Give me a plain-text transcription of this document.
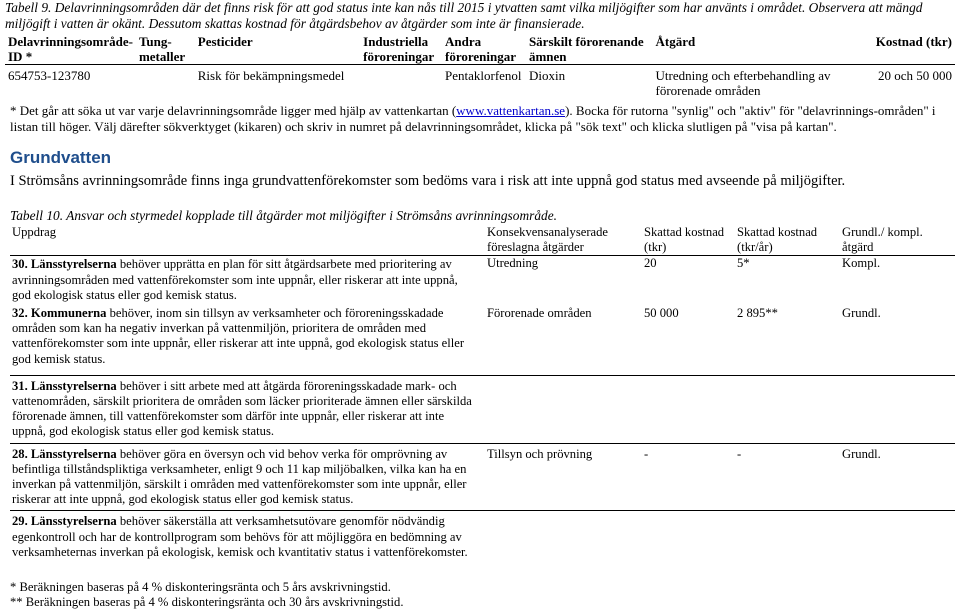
Tabell 9. Delavrinningsområden där det finns risk för att god status inte kan nås till 2015 i ytvatten samt vilka miljögifter som har använts i området. Observera att mängd miljögift i vatten är okänt. Dessutom skattas kostnad för åtgärdsbehov av åtgärder som inte är finansierade.
Delavrinningsområde-ID *	Tung-metaller	Pesticider	Industriella föroreningar	Andra föroreningar	Särskilt förorenande ämnen	Åtgärd	Kostnad (tkr)
654753-123780		Risk för bekämpningsmedel		Pentaklorfenol	Dioxin	Utredning och efterbehandling av förorenade områden	20 och 50 000
* Det går att söka ut var varje delavrinningsområde ligger med hjälp av vattenkartan (www.vattenkartan.se). Bocka för rutorna "synlig" och "aktiv" för "delavrinnings-områden" i listan till höger. Välj därefter sökverktyget (kikaren) och skriv in numret på delavrinningsområdet, klicka på "sök text" och klicka slutligen på "visa på kartan".
Grundvatten
I Strömsåns avrinningsområde finns inga grundvattenförekomster som bedöms vara i risk att inte uppnå god status med avseende på miljögifter.
Tabell 10. Ansvar och styrmedel kopplade till åtgärder mot miljögifter i Strömsåns avrinningsområde.
Uppdrag	Konsekvensanalyserade föreslagna åtgärder	Skattad kostnad (tkr)	Skattad kostnad (tkr/år)	Grundl./ kompl. åtgärd
30. Länsstyrelserna behöver upprätta en plan för sitt åtgärdsarbete med prioritering av avrinningsområden med vattenförekomster som inte uppnår, eller riskerar att inte uppnå, god ekologisk status eller god kemisk status.	Utredning	20	5*	Kompl.
32. Kommunerna behöver, inom sin tillsyn av verksamheter och föroreningsskadade områden som kan ha negativ inverkan på vattenmiljön, prioritera de områden med vattenförekomster som inte uppnår, eller riskerar att inte uppnå, god ekologisk status eller god kemisk status.	Förorenade områden	50 000	2 895**	Grundl.
31. Länsstyrelserna behöver i sitt arbete med att åtgärda föroreningsskadade mark- och vattenområden, särskilt prioritera de områden som läcker prioriterade ämnen eller särskilda förorenade ämnen, till vattenförekomster som därför inte uppnår, eller riskerar att inte uppnå, god ekologisk status eller god kemisk status.				
28. Länsstyrelserna behöver göra en översyn och vid behov verka för omprövning av befintliga tillståndspliktiga verksamheter, enligt 9 och 11 kap miljöbalken, vilka kan ha en inverkan på vattenmiljön, särskilt i områden med vattenförekomster som inte uppnår, eller riskerar att inte uppnå, god ekologisk status eller god kemisk status.	Tillsyn och prövning	-	-	Grundl.
29. Länsstyrelserna behöver säkerställa att verksamhetsutövare genomför nödvändig egenkontroll och har de kontrollprogram som behövs för att möjliggöra en bedömning av verksamheternas inverkan på ekologisk, kemisk och kvantitativ status i vattenförekomster.				
* Beräkningen baseras på 4 % diskonteringsränta och 5 års avskrivningstid.
** Beräkningen baseras på 4 % diskonteringsränta och 30 års avskrivningstid.
